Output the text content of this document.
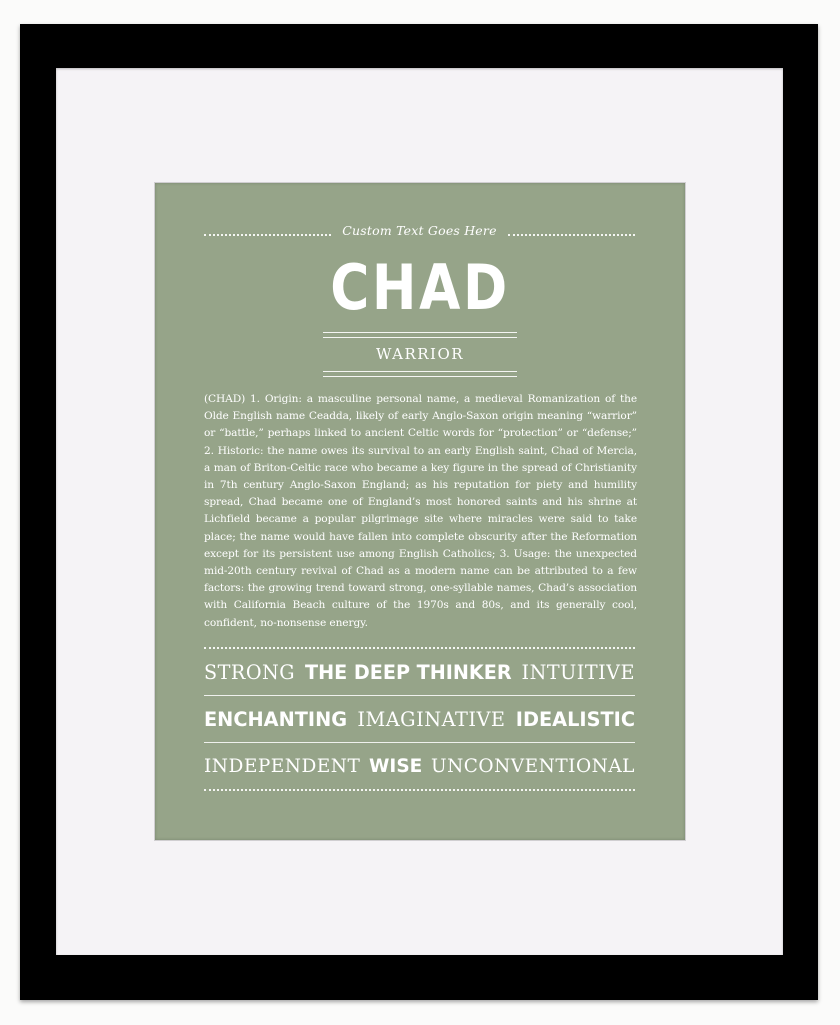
Custom Text Goes Here
CHAD
WARRIOR

(CHAD) 1. Origin: a masculine personal name, a medieval Romanization of the Olde English name Ceadda, likely of early Anglo-Saxon origin meaning “warrior” or “battle,” perhaps linked to ancient Celtic words for “protection” or “defense;” 2. Historic: the name owes its survival to an early English saint, Chad of Mercia, a man of Briton-Celtic race who became a key figure in the spread of Christianity in 7th century Anglo-Saxon England; as his reputation for piety and humility spread, Chad became one of England’s most honored saints and his shrine at Lichfield became a popular pilgrimage site where miracles were said to take place; the name would have fallen into complete obscurity after the Reformation except for its persistent use among English Catholics; 3. Usage: the unexpected mid-20th century revival of Chad as a modern name can be attributed to a few factors: the growing trend toward strong, one-syllable names, Chad’s association with California Beach culture of the 1970s and 80s, and its generally cool, confident, no-nonsense energy.

STRONG THE DEEP THINKER INTUITIVE
ENCHANTING IMAGINATIVE IDEALISTIC
INDEPENDENT WISE UNCONVENTIONAL
